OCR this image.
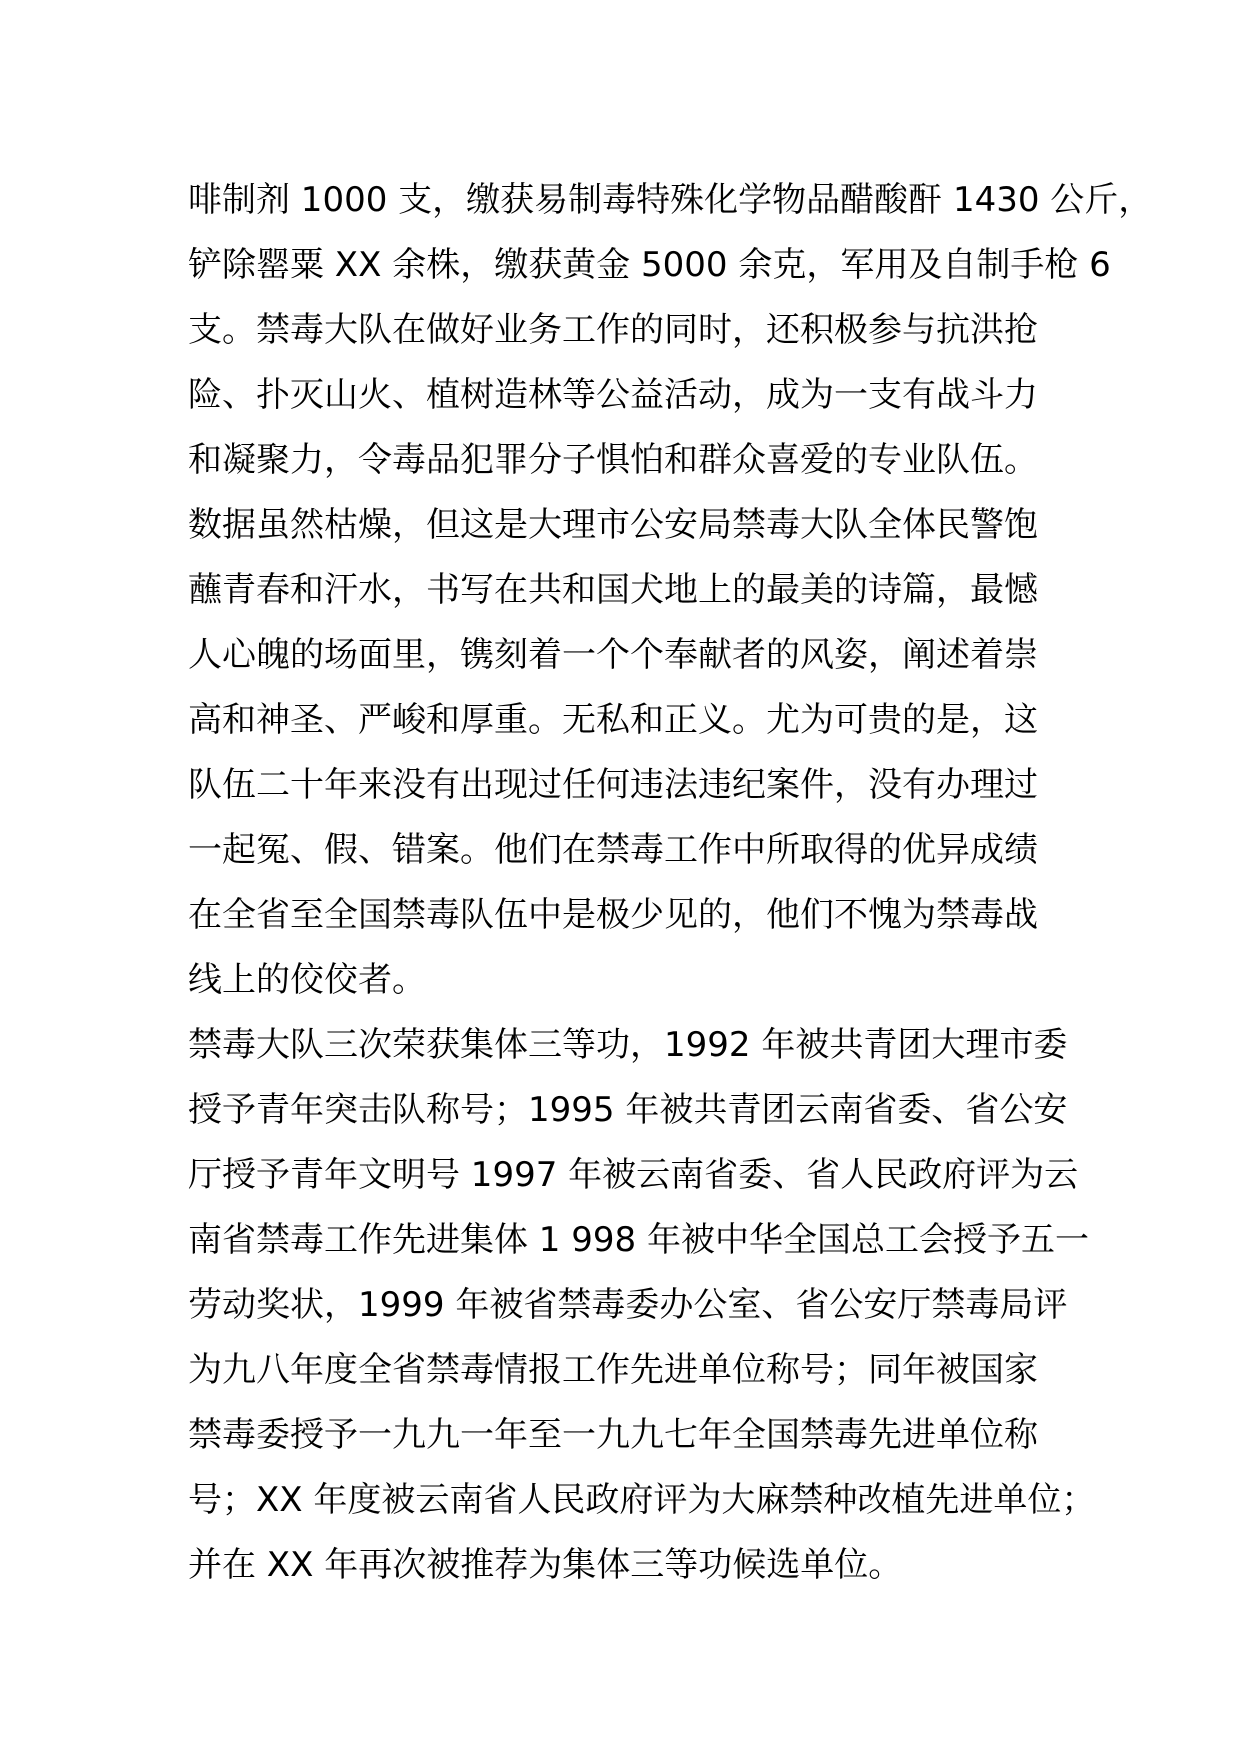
啡制剂 1000 支，缴获易制毒特殊化学物品醋酸酐 1430 公斤，
铲除罂粟 XX 余株，缴获黄金 5000 余克，军用及自制手枪 6
支。禁毒大队在做好业务工作的同时，还积极参与抗洪抢
险、扑灭山火、植树造林等公益活动，成为一支有战斗力
和凝聚力，令毒品犯罪分子惧怕和群众喜爱的专业队伍。
数据虽然枯燥，但这是大理市公安局禁毒大队全体民警饱
蘸青春和汗水，书写在共和国犬地上的最美的诗篇，最憾
人心魄的场面里，镌刻着一个个奉献者的风姿，阐述着崇
高和神圣、严峻和厚重。无私和正义。尤为可贵的是，这
队伍二十年来没有出现过任何违法违纪案件，没有办理过
一起冤、假、错案。他们在禁毒工作中所取得的优异成绩
在全省至全国禁毒队伍中是极少见的，他们不愧为禁毒战
线上的佼佼者。
禁毒大队三次荣获集体三等功，1992 年被共青团大理市委
授予青年突击队称号；1995 年被共青团云南省委、省公安
厅授予青年文明号 1997 年被云南省委、省人民政府评为云
南省禁毒工作先进集体 1 998 年被中华全国总工会授予五一
劳动奖状，1999 年被省禁毒委办公室、省公安厅禁毒局评
为九八年度全省禁毒情报工作先进单位称号；同年被国家
禁毒委授予一九九一年至一九九七年全国禁毒先进单位称
号；XX 年度被云南省人民政府评为大麻禁种改植先进单位；
并在 XX 年再次被推荐为集体三等功候选单位。
